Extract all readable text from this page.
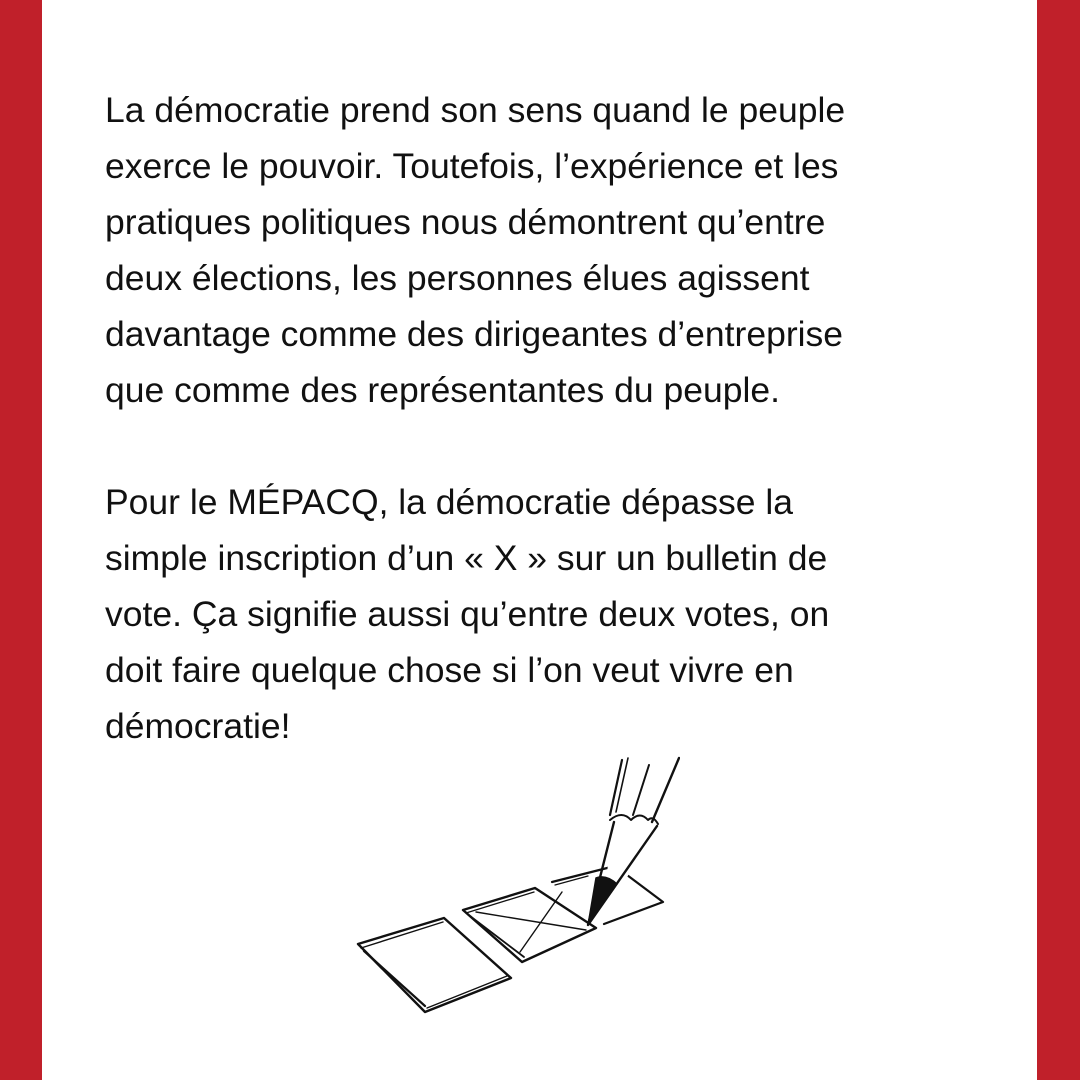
La démocratie prend son sens quand le peuple
exerce le pouvoir. Toutefois, l’expérience et les
pratiques politiques nous démontrent qu’entre
deux élections, les personnes élues agissent
davantage comme des dirigeantes d’entreprise
que comme des représentantes du peuple.

Pour le MÉPACQ, la démocratie dépasse la
simple inscription d’un « X » sur un bulletin de
vote. Ça signifie aussi qu’entre deux votes, on
doit faire quelque chose si l’on veut vivre en
démocratie!
